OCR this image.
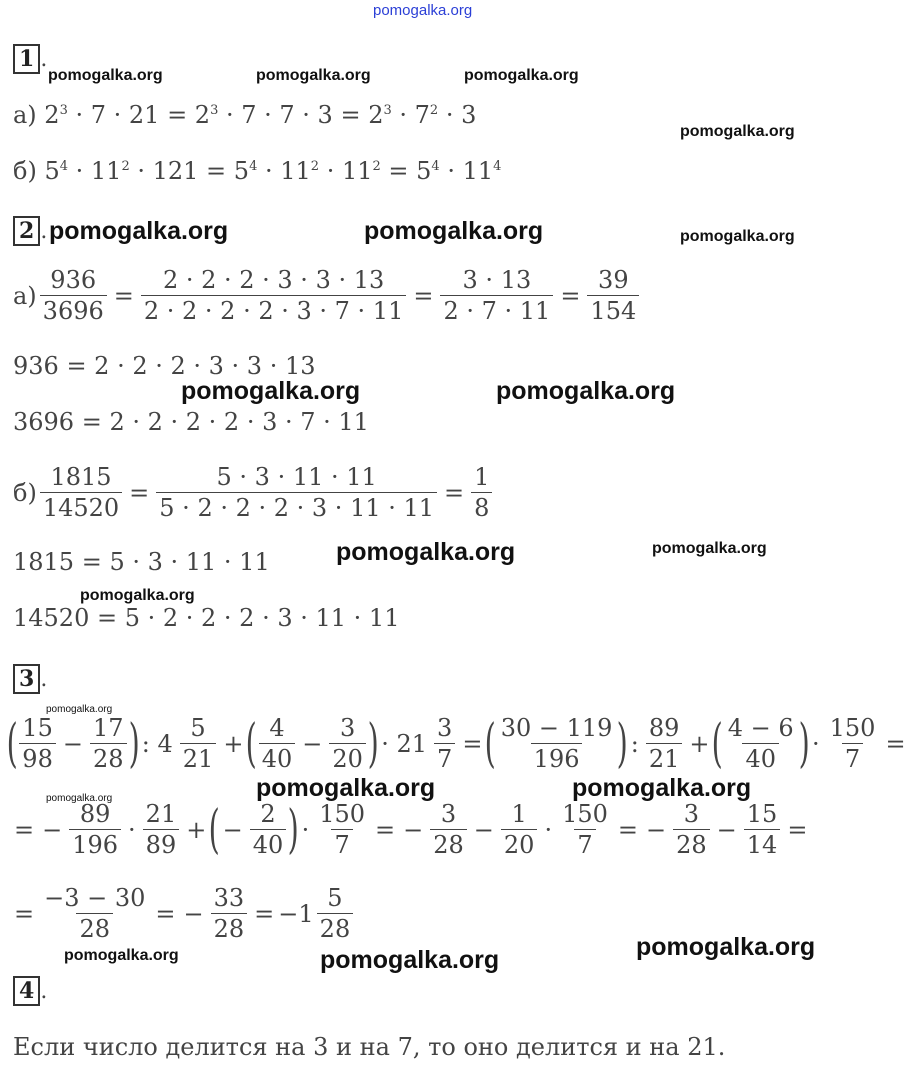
pomogalka.org
1 .
pomogalka.org	pomogalka.org	pomogalka.org
pomogalka.org
а) $2^3 \cdot 7 \cdot 21 = 2^3 \cdot 7 \cdot 7 \cdot 3 = 2^3 \cdot 7^2 \cdot 3$
б) $5^4 \cdot 11^2 \cdot 121 = 5^4 \cdot 11^2 \cdot 11^2 = 5^4 \cdot 11^4$
2 . pomogalka.org	pomogalka.org	pomogalka.org
$а) \frac{936}{3696} = \frac{2 \cdot 2 \cdot 2 \cdot 3 \cdot 3 \cdot 13}{2 \cdot 2 \cdot 2 \cdot 2 \cdot 3 \cdot 7 \cdot 11} = \frac{3 \cdot 13}{2 \cdot 7 \cdot 11} = \frac{39}{154}$
936 = 2 · 2 · 2 · 3 · 3 · 13
pomogalka.org	pomogalka.org
3696 = 2 · 2 · 2 · 2 · 3 · 7 · 11
$б) \frac{1815}{14520} = \frac{5 \cdot 3 \cdot 11 \cdot 11}{5 \cdot 2 \cdot 2 \cdot 2 \cdot 3 \cdot 11 \cdot 11} = \frac{1}{8}$
1815 = 5 · 3 · 11 · 11	pomogalka.org	pomogalka.org
pomogalka.org
14520 = 5 · 2 · 2 · 2 · 3 · 11 · 11
3 .
pomogalka.org
( $\frac{15}{98} - \frac{17}{28}$ ) : $4 \frac{5}{21}$ + ( $\frac{4}{40} - \frac{3}{20}$ ) · $21 \frac{3}{7}$ = ( $\frac{30 - 119}{196}$ ) : $\frac{89}{21}$ + ( $\frac{4 - 6}{40}$ ) · $\frac{150}{7}$ =
pomogalka.org	pomogalka.org
pomogalka.org
= − $\frac{89}{196} \cdot \frac{21}{89}$ + ( − $\frac{2}{40}$ ) · $\frac{150}{7}$ = − $\frac{3}{28} - \frac{1}{20} \cdot \frac{150}{7}$ = − $\frac{3}{28} - \frac{15}{14}$ =
= $\frac{-3 - 30}{28}$ = − $\frac{33}{28} = -1 \frac{5}{28}$
pomogalka.org
pomogalka.org	pomogalka.org
4 .
Если число делится на 3 и на 7, то оно делится и на 21.
